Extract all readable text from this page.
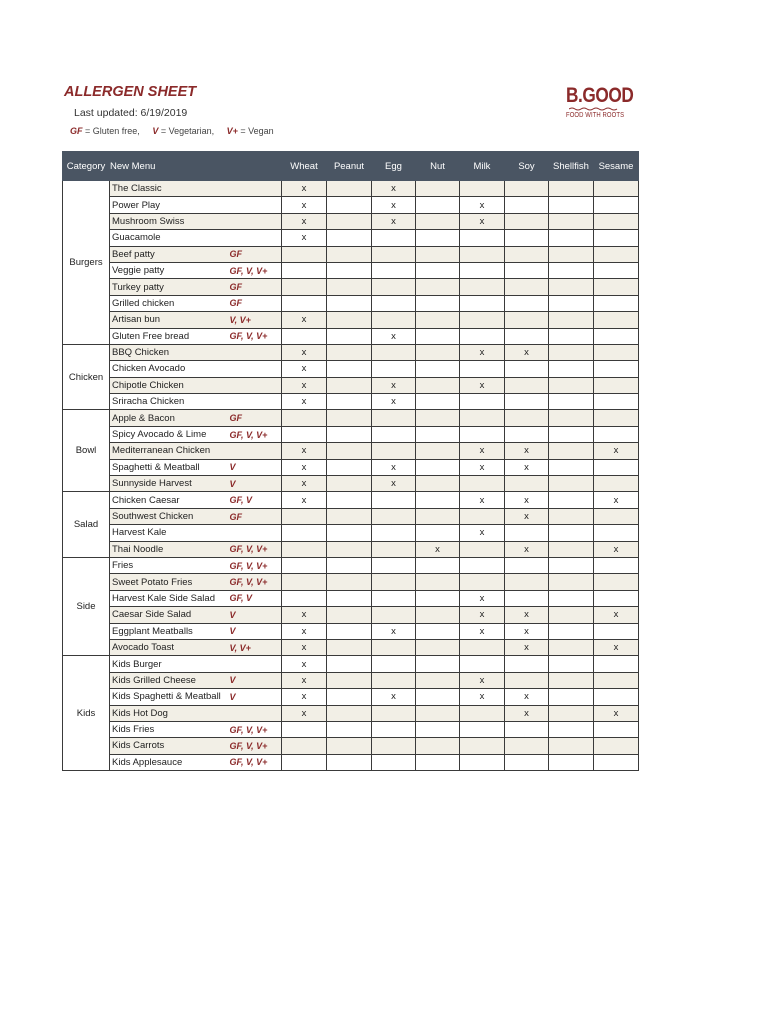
ALLERGEN SHEET
Last updated: 6/19/2019
GF = Gluten free, V = Vegetarian, V+ = Vegan
B.GOOD
FOOD WITH ROOTS
Category	New Menu		Wheat	Peanut	Egg	Nut	Milk	Soy	Shellfish	Sesame
Burgers	The Classic		x		x					
	Power Play		x		x		x			
	Mushroom Swiss		x		x		x			
	Guacamole		x							
	Beef patty	GF								
	Veggie patty	GF, V, V+								
	Turkey patty	GF								
	Grilled chicken	GF								
	Artisan bun	V, V+	x							
	Gluten Free bread	GF, V, V+			x					
Chicken	BBQ Chicken		x				x	x		
	Chicken Avocado		x							
	Chipotle Chicken		x		x		x			
	Sriracha Chicken		x		x					
Bowl	Apple & Bacon	GF								
	Spicy Avocado & Lime	GF, V, V+								
	Mediterranean Chicken		x				x	x		x
	Spaghetti & Meatball	V	x		x		x	x		
	Sunnyside Harvest	V	x		x					
Salad	Chicken Caesar	GF, V	x				x	x		x
	Southwest Chicken	GF						x		
	Harvest Kale						x			
	Thai Noodle	GF, V, V+				x		x		x
Side	Fries	GF, V, V+								
	Sweet Potato Fries	GF, V, V+								
	Harvest Kale Side Salad	GF, V					x			
	Caesar Side Salad	V	x				x	x		x
	Eggplant Meatballs	V	x		x		x	x		
	Avocado Toast	V, V+	x					x		x
Kids	Kids Burger		x							
	Kids Grilled Cheese	V	x				x			
	Kids Spaghetti & Meatball	V	x		x		x	x		
	Kids Hot Dog		x					x		x
	Kids Fries	GF, V, V+								
	Kids Carrots	GF, V, V+								
	Kids Applesauce	GF, V, V+								
